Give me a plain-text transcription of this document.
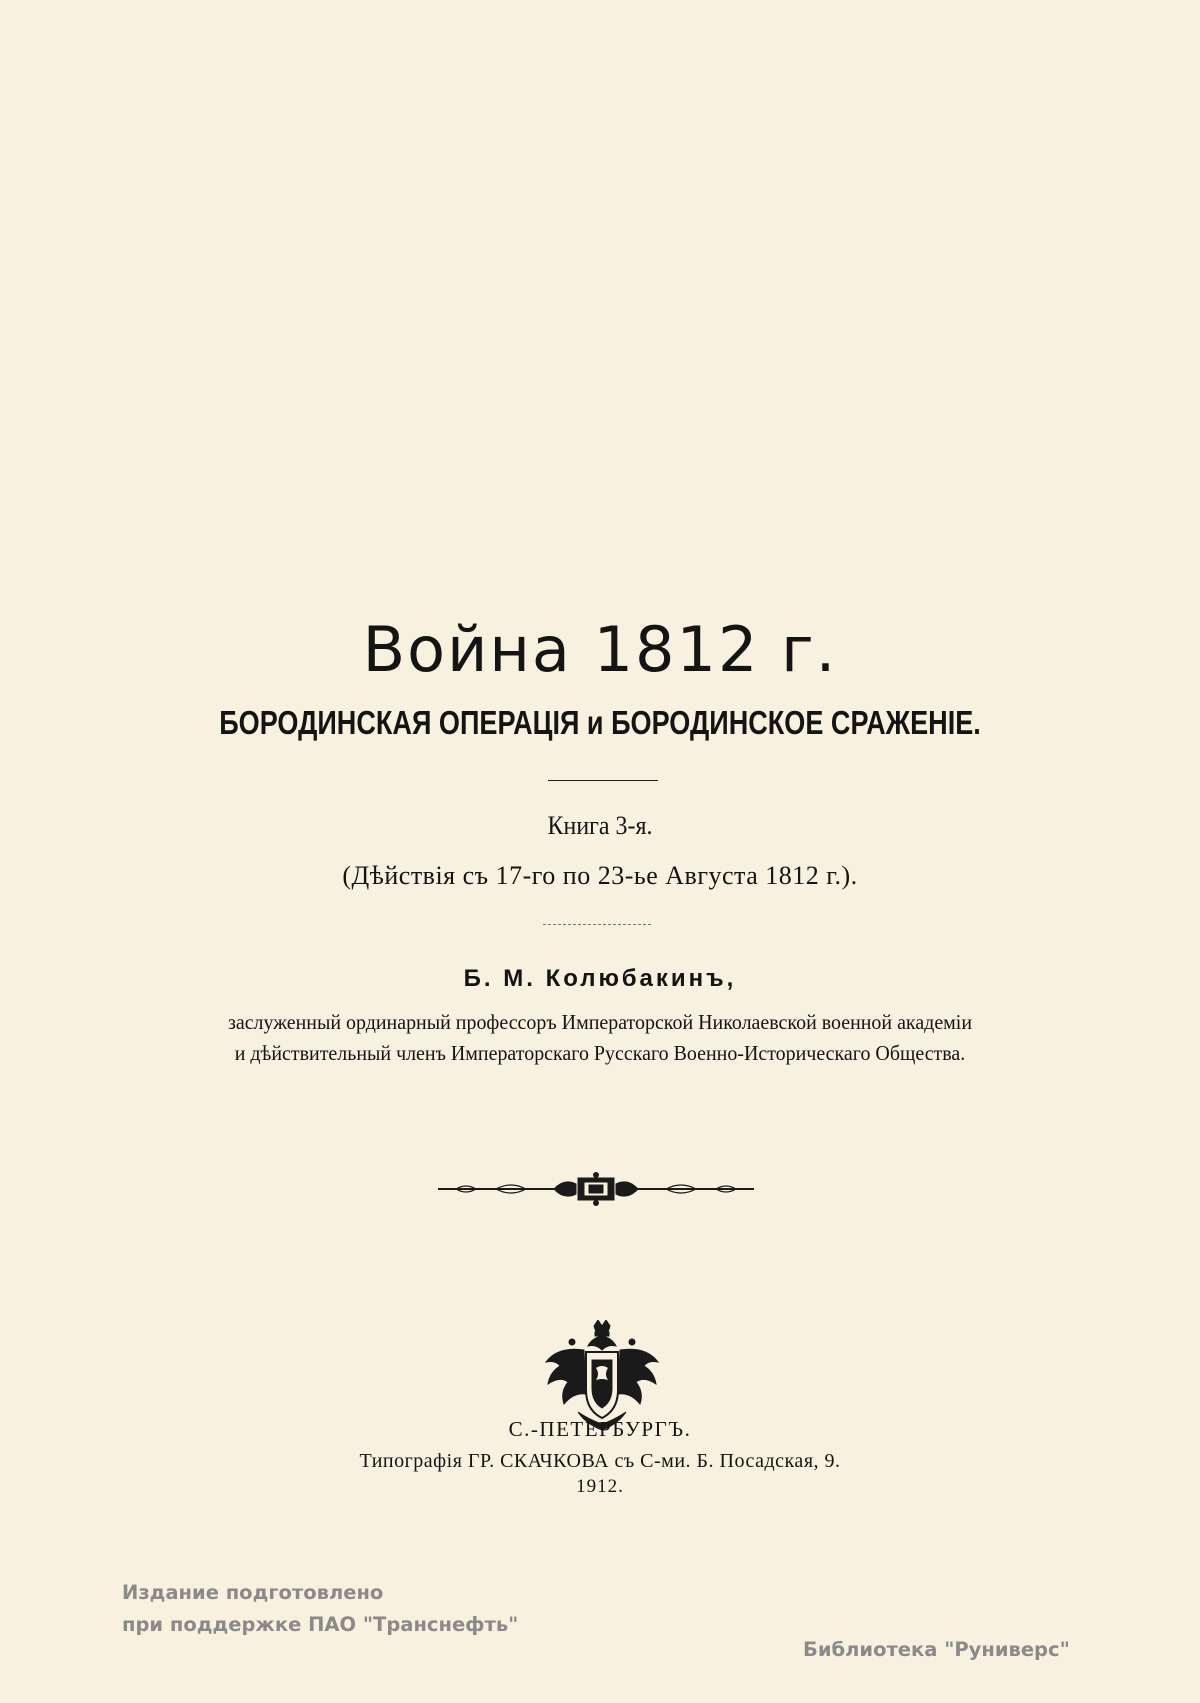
Война 1812 г.
БОРОДИНСКАЯ ОПЕРАЦІЯ и БОРОДИНСКОЕ СРАЖЕНІЕ.
Книга 3-я.
(Дѣйствія съ 17-го по 23-ье Августа 1812 г.).
Б. М. Колюбакинъ,
заслуженный ординарный профессоръ Императорской Николаевской военной академіи
и дѣйствительный членъ Императорскаго Русскаго Военно-Историческаго Общества.
С.-ПЕТЕРБУРГЪ.
Типографія ГР. СКАЧКОВА съ С-ми. Б. Посадская, 9.
1912.
Издание подготовлено
при поддержке ПАО "Транснефть"
Библиотека "Руниверс"
